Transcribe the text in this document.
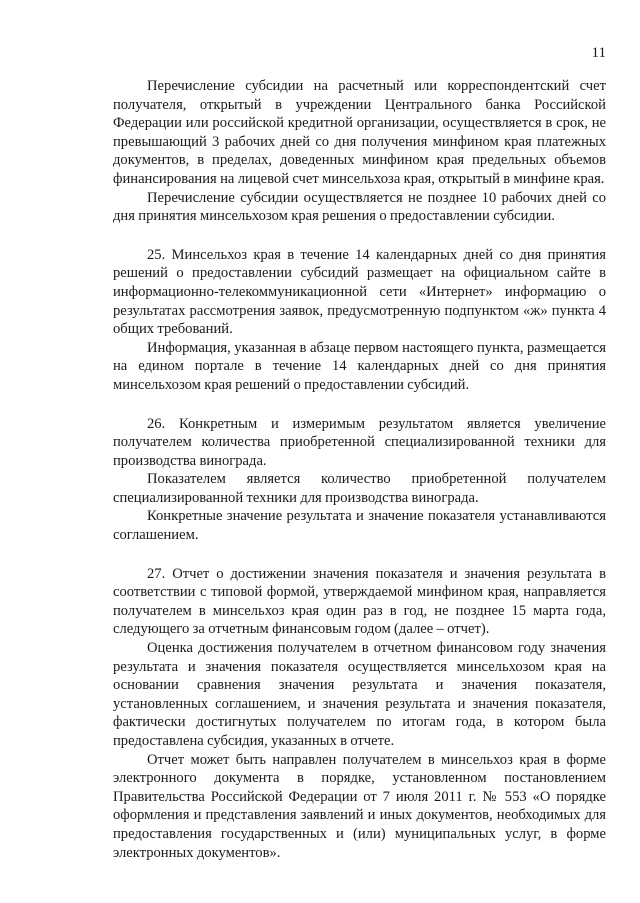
11

Перечисление субсидии на расчетный или корреспондентский счет получателя, открытый в учреждении Центрального банка Российской Федерации или российской кредитной организации, осуществляется в срок, не превышающий 3 рабочих дней со дня получения минфином края платежных документов, в пределах, доведенных минфином края предельных объемов финансирования на лицевой счет минсельхоза края, открытый в минфине края.

Перечисление субсидии осуществляется не позднее 10 рабочих дней со дня принятия минсельхозом края решения о предоставлении субсидии.

25. Минсельхоз края в течение 14 календарных дней со дня принятия решений о предоставлении субсидий размещает на официальном сайте в информационно-телекоммуникационной сети «Интернет» информацию о результатах рассмотрения заявок, предусмотренную подпунктом «ж» пункта 4 общих требований.

Информация, указанная в абзаце первом настоящего пункта, размещается на едином портале в течение 14 календарных дней со дня принятия минсельхозом края решений о предоставлении субсидий.

26. Конкретным и измеримым результатом является увеличение получателем количества приобретенной специализированной техники для производства винограда.

Показателем является количество приобретенной получателем специализированной техники для производства винограда.

Конкретные значение результата и значение показателя устанавливаются соглашением.

27. Отчет о достижении значения показателя и значения результата в соответствии с типовой формой, утверждаемой минфином края, направляется получателем в минсельхоз края один раз в год, не позднее 15 марта года, следующего за отчетным финансовым годом (далее – отчет).

Оценка достижения получателем в отчетном финансовом году значения результата и значения показателя осуществляется минсельхозом края на основании сравнения значения результата и значения показателя, установленных соглашением, и значения результата и значения показателя, фактически достигнутых получателем по итогам года, в котором была предоставлена субсидия, указанных в отчете.

Отчет может быть направлен получателем в минсельхоз края в форме электронного документа в порядке, установленном постановлением Правительства Российской Федерации от 7 июля 2011 г. № 553 «О порядке оформления и представления заявлений и иных документов, необходимых для предоставления государственных и (или) муниципальных услуг, в форме электронных документов».
